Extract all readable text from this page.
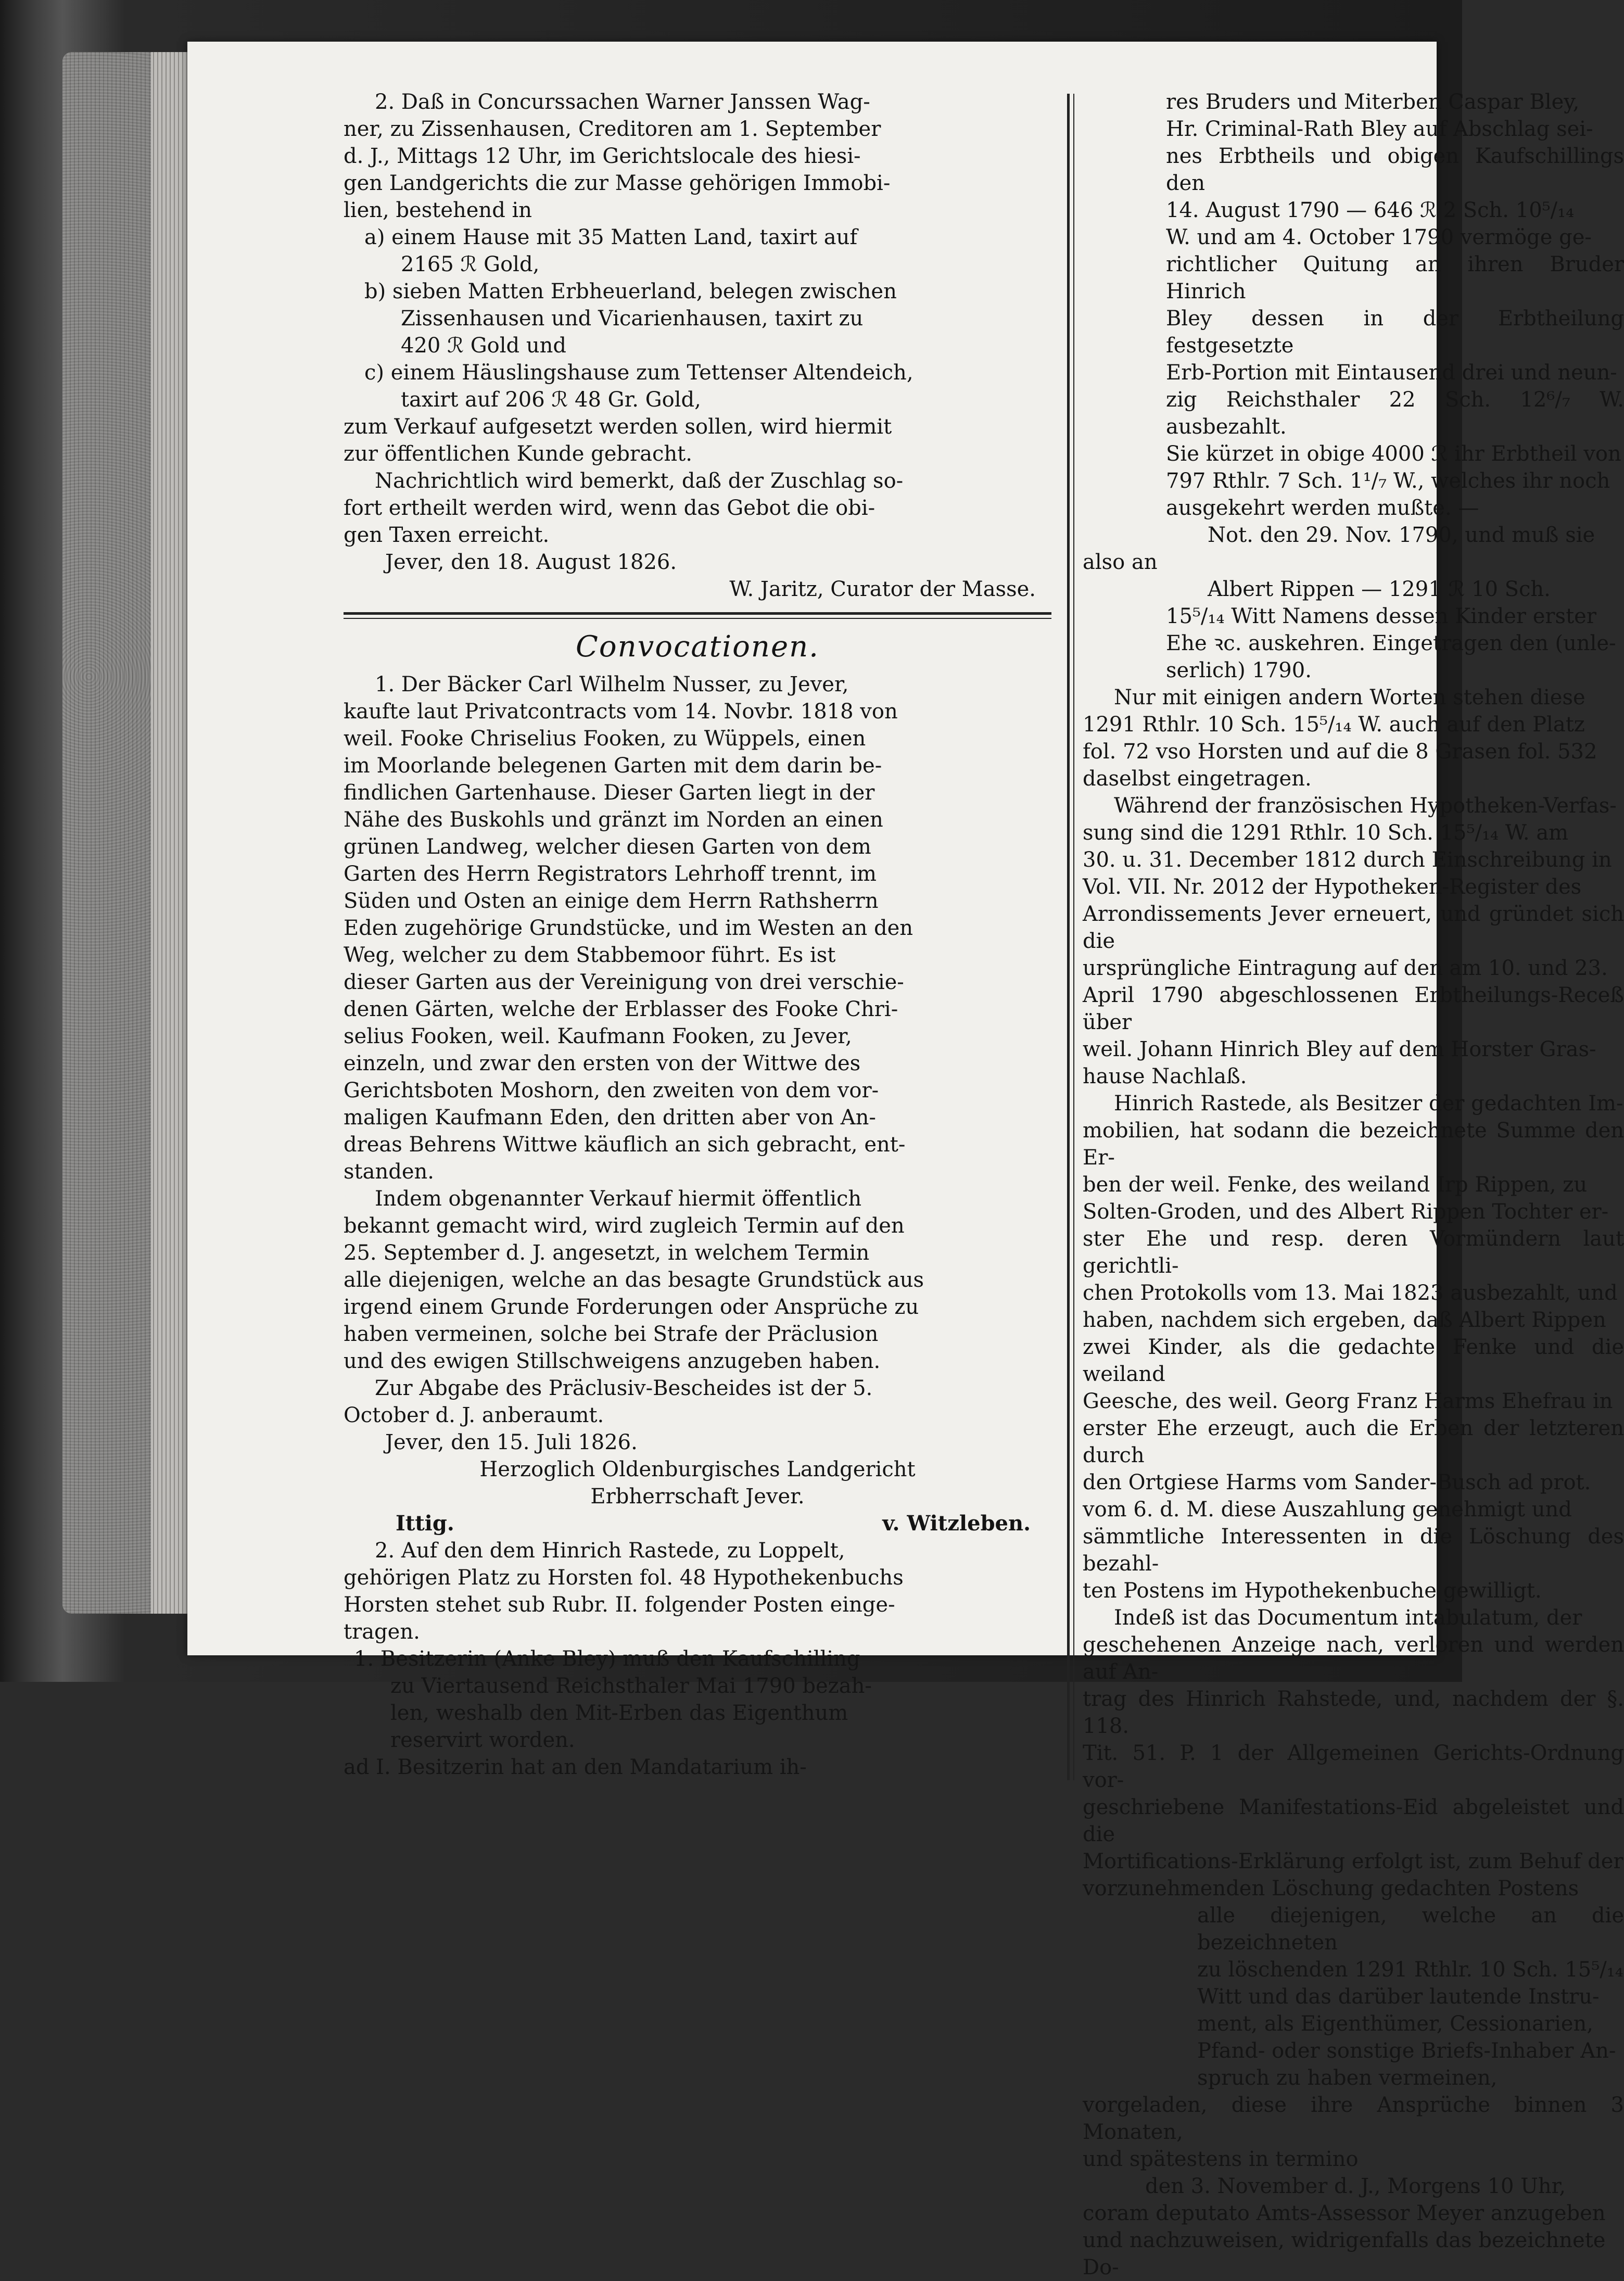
2. Daß in Concurssachen Warner Janssen Wag-

ner, zu Zissenhausen, Creditoren am 1. September

d. J., Mittags 12 Uhr, im Gerichtslocale des hiesi-

gen Landgerichts die zur Masse gehörigen Immobi-

lien, bestehend in

a) einem Hause mit 35 Matten Land, taxirt auf

2165 ℛ Gold,

b) sieben Matten Erbheuerland, belegen zwischen

Zissenhausen und Vicarienhausen, taxirt zu

420 ℛ Gold und

c) einem Häuslingshause zum Tettenser Altendeich,

taxirt auf 206 ℛ 48 Gr. Gold,

zum Verkauf aufgesetzt werden sollen, wird hiermit

zur öffentlichen Kunde gebracht.

Nachrichtlich wird bemerkt, daß der Zuschlag so-

fort ertheilt werden wird, wenn das Gebot die obi-

gen Taxen erreicht.

Jever, den 18. August 1826.

W. Jaritz, Curator der Masse.

Convocationen.

1. Der Bäcker Carl Wilhelm Nusser, zu Jever,

kaufte laut Privatcontracts vom 14. Novbr. 1818 von

weil. Fooke Chriselius Fooken, zu Wüppels, einen

im Moorlande belegenen Garten mit dem darin be-

findlichen Gartenhause. Dieser Garten liegt in der

Nähe des Buskohls und gränzt im Norden an einen

grünen Landweg, welcher diesen Garten von dem

Garten des Herrn Registrators Lehrhoff trennt, im

Süden und Osten an einige dem Herrn Rathsherrn

Eden zugehörige Grundstücke, und im Westen an den

Weg, welcher zu dem Stabbemoor führt. Es ist

dieser Garten aus der Vereinigung von drei verschie-

denen Gärten, welche der Erblasser des Fooke Chri-

selius Fooken, weil. Kaufmann Fooken, zu Jever,

einzeln, und zwar den ersten von der Wittwe des

Gerichtsboten Moshorn, den zweiten von dem vor-

maligen Kaufmann Eden, den dritten aber von An-

dreas Behrens Wittwe käuflich an sich gebracht, ent-

standen.

Indem obgenannter Verkauf hiermit öffentlich

bekannt gemacht wird, wird zugleich Termin auf den

25. September d. J. angesetzt, in welchem Termin

alle diejenigen, welche an das besagte Grundstück aus

irgend einem Grunde Forderungen oder Ansprüche zu

haben vermeinen, solche bei Strafe der Präclusion

und des ewigen Stillschweigens anzugeben haben.

Zur Abgabe des Präclusiv-Bescheides ist der 5.

October d. J. anberaumt.

Jever, den 15. Juli 1826.

Herzoglich Oldenburgisches Landgericht

Erbherrschaft Jever.

Ittig.	v. Witzleben.

2. Auf den dem Hinrich Rastede, zu Loppelt,

gehörigen Platz zu Horsten fol. 48 Hypothekenbuchs

Horsten stehet sub Rubr. II. folgender Posten einge-

tragen.

1. Besitzerin (Anke Bley) muß den Kaufschilling

zu Viertausend Reichsthaler Mai 1790 bezah-

len, weshalb den Mit-Erben das Eigenthum

reservirt worden.

ad I. Besitzerin hat an den Mandatarium ih-

res Bruders und Miterben Caspar Bley,

Hr. Criminal-Rath Bley auf Abschlag sei-

nes Erbtheils und obigen Kaufschillings den

14. August 1790 — 646 ℛ 2 Sch. 10⁵/₁₄

W. und am 4. October 1790 vermöge ge-

richtlicher Quitung an ihren Bruder Hinrich

Bley dessen in der Erbtheilung festgesetzte

Erb-Portion mit Eintausend drei und neun-

zig Reichsthaler 22 Sch. 12⁶/₇ W. ausbezahlt.

Sie kürzet in obige 4000 ℛ ihr Erbtheil von

797 Rthlr. 7 Sch. 1¹/₇ W., welches ihr noch

ausgekehrt werden mußte. —

Not. den 29. Nov. 1790, und muß sie

also an

Albert Rippen — 1291 ℛ 10 Sch.

15⁵/₁₄ Witt Namens dessen Kinder erster

Ehe ꝛc. auskehren. Eingetragen den (unle-

serlich) 1790.

Nur mit einigen andern Worten stehen diese

1291 Rthlr. 10 Sch. 15⁵/₁₄ W. auch auf den Platz

fol. 72 vso Horsten und auf die 8 Grasen fol. 532

daselbst eingetragen.

Während der französischen Hypotheken-Verfas-

sung sind die 1291 Rthlr. 10 Sch. 15⁵/₁₄ W. am

30. u. 31. December 1812 durch Einschreibung in

Vol. VII. Nr. 2012 der Hypotheken-Register des

Arrondissements Jever erneuert, und gründet sich die

ursprüngliche Eintragung auf den am 10. und 23.

April 1790 abgeschlossenen Erbtheilungs-Receß über

weil. Johann Hinrich Bley auf dem Horster Gras-

hause Nachlaß.

Hinrich Rastede, als Besitzer der gedachten Im-

mobilien, hat sodann die bezeichnete Summe den Er-

ben der weil. Fenke, des weiland Irp Rippen, zu

Solten-Groden, und des Albert Rippen Tochter er-

ster Ehe und resp. deren Vormündern laut gerichtli-

chen Protokolls vom 13. Mai 1823 ausbezahlt, und

haben, nachdem sich ergeben, daß Albert Rippen

zwei Kinder, als die gedachte Fenke und die weiland

Geesche, des weil. Georg Franz Harms Ehefrau in

erster Ehe erzeugt, auch die Erben der letzteren durch

den Ortgiese Harms vom Sander-Busch ad prot.

vom 6. d. M. diese Auszahlung genehmigt und

sämmtliche Interessenten in die Löschung des bezahl-

ten Postens im Hypothekenbuche gewilligt.

Indeß ist das Documentum intabulatum, der

geschehenen Anzeige nach, verloren und werden auf An-

trag des Hinrich Rahstede, und, nachdem der §. 118.

Tit. 51. P. 1 der Allgemeinen Gerichts-Ordnung vor-

geschriebene Manifestations-Eid abgeleistet und die

Mortifications-Erklärung erfolgt ist, zum Behuf der

vorzunehmenden Löschung gedachten Postens

alle diejenigen, welche an die bezeichneten

zu löschenden 1291 Rthlr. 10 Sch. 15⁵/₁₄

Witt und das darüber lautende Instru-

ment, als Eigenthümer, Cessionarien,

Pfand- oder sonstige Briefs-Inhaber An-

spruch zu haben vermeinen,

vorgeladen, diese ihre Ansprüche binnen 3 Monaten,

und spätestens in termino

den 3. November d. J., Morgens 10 Uhr,

coram deputato Amts-Assessor Meyer anzugeben

und nachzuweisen, widrigenfalls das bezeichnete Do-
